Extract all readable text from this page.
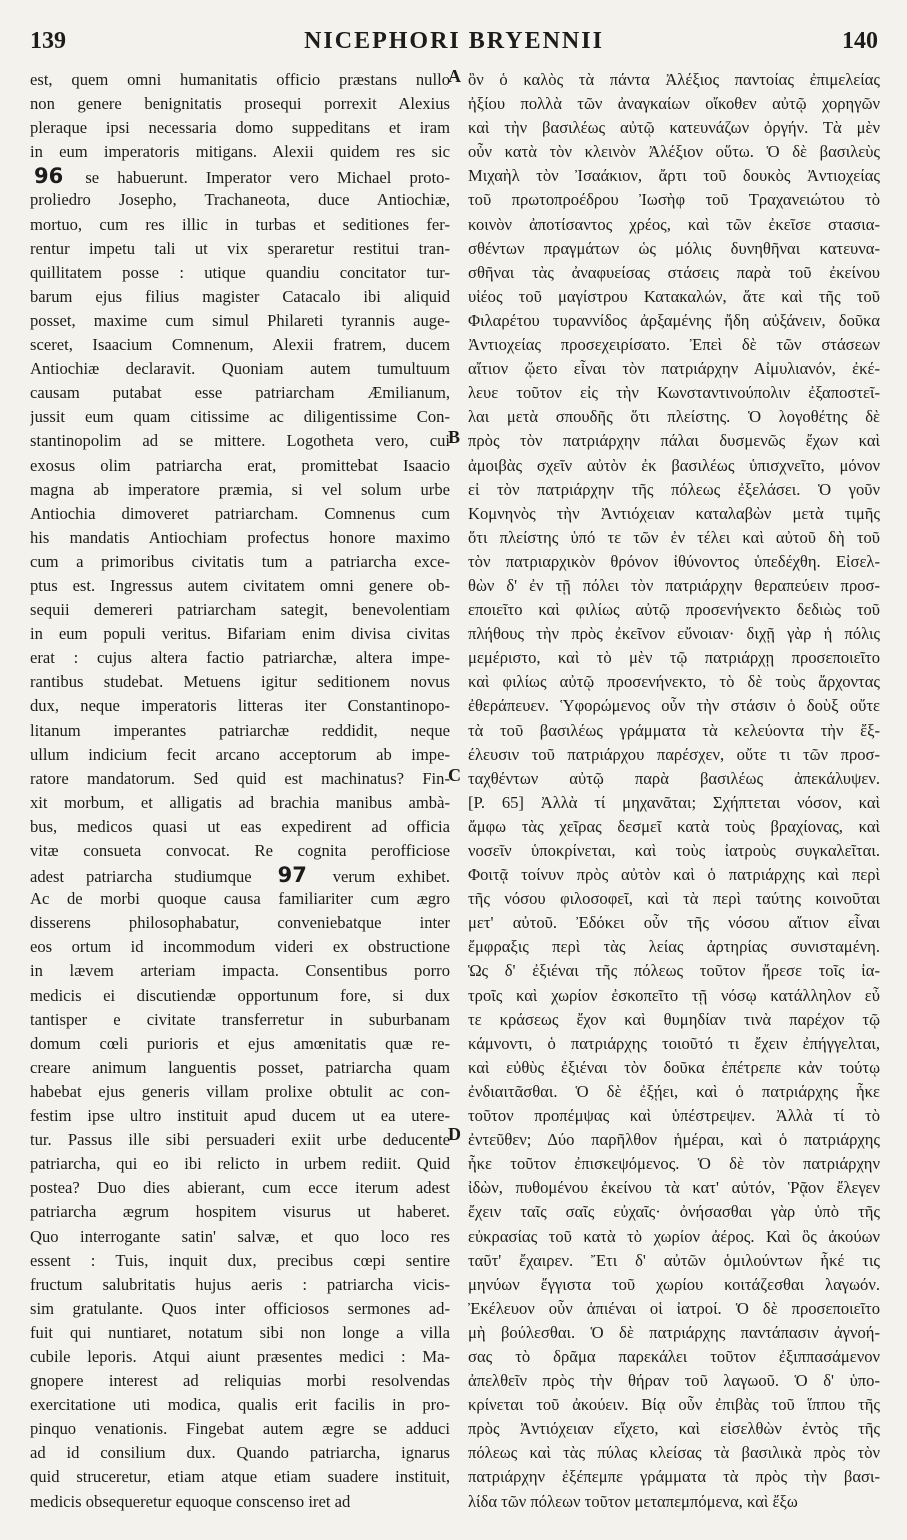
139	NICEPHORI BRYENNII	140
A
B
C
D
est, quem omni humanitatis officio præstans nullo
non genere benignitatis prosequi porrexit Alexius
pleraque ipsi necessaria domo suppeditans et iram
in eum imperatoris mitigans. Alexii quidem res sic
96 se habuerunt. Imperator vero Michael proto-
proliedro Josepho, Trachaneota, duce Antiochiæ,
mortuo, cum res illic in turbas et seditiones fer-
rentur impetu tali ut vix speraretur restitui tran-
quillitatem posse : utique quandiu concitator tur-
barum ejus filius magister Catacalo ibi aliquid
posset, maxime cum simul Philareti tyrannis auge-
sceret, Isaacium Comnenum, Alexii fratrem, ducem
Antiochiæ declaravit. Quoniam autem tumultuum
causam putabat esse patriarcham Æmilianum,
jussit eum quam citissime ac diligentissime Con-
stantinopolim ad se mittere. Logotheta vero, cui
exosus olim patriarcha erat, promittebat Isaacio
magna ab imperatore præmia, si vel solum urbe
Antiochia dimoveret patriarcham. Comnenus cum
his mandatis Antiochiam profectus honore maximo
cum a primoribus civitatis tum a patriarcha exce-
ptus est. Ingressus autem civitatem omni genere ob-
sequii demereri patriarcham sategit, benevolentiam
in eum populi veritus. Bifariam enim divisa civitas
erat : cujus altera factio patriarchæ, altera impe-
rantibus studebat. Metuens igitur seditionem novus
dux, neque imperatoris litteras iter Constantinopo-
litanum imperantes patriarchæ reddidit, neque
ullum indicium fecit arcano acceptorum ab impe-
ratore mandatorum. Sed quid est machinatus? Fin-
xit morbum, et alligatis ad brachia manibus ambà-
bus, medicos quasi ut eas expedirent ad officia
vitæ consueta convocat. Re cognita perofficiose
adest patriarcha studiumque 97 verum exhibet.
Ac de morbi quoque causa familiariter cum ægro
disserens philosophabatur, conveniebatque inter
eos ortum id incommodum videri ex obstructione
in lævem arteriam impacta. Consentibus porro
medicis ei discutiendæ opportunum fore, si dux
tantisper e civitate transferretur in suburbanam
domum cœli purioris et ejus amœnitatis quæ re-
creare animum languentis posset, patriarcha quam
habebat ejus generis villam prolixe obtulit ac con-
festim ipse ultro instituit apud ducem ut ea utere-
tur. Passus ille sibi persuaderi exiit urbe deducente
patriarcha, qui eo ibi relicto in urbem rediit. Quid
postea? Duo dies abierant, cum ecce iterum adest
patriarcha ægrum hospitem visurus ut haberet.
Quo interrogante satin' salvæ, et quo loco res
essent : Tuis, inquit dux, precibus cœpi sentire
fructum salubritatis hujus aeris : patriarcha vicis-
sim gratulante. Quos inter officiosos sermones ad-
fuit qui nuntiaret, notatum sibi non longe a villa
cubile leporis. Atqui aiunt præsentes medici : Ma-
gnopere interest ad reliquias morbi resolvendas
exercitatione uti modica, qualis erit facilis in pro-
pinquo venationis. Fingebat autem ægre se adduci
ad id consilium dux. Quando patriarcha, ignarus
quid struceretur, etiam atque etiam suadere instituit,
medicis obsequeretur equoque conscenso iret ad
ὃν ὁ καλὸς τὰ πάντα Ἀλέξιος παντοίας ἐπιμελείας
ἠξίου πολλὰ τῶν ἀναγκαίων οἴκοθεν αὐτῷ χορηγῶν
καὶ τὴν βασιλέως αὐτῷ κατευνάζων ὀργήν. Τὰ μὲν
οὖν κατὰ τὸν κλεινὸν Ἀλέξιον οὕτω. Ὁ δὲ βασιλεὺς
Μιχαὴλ τὸν Ἰσαάκιον, ἄρτι τοῦ δουκὸς Ἀντιοχείας
τοῦ πρωτοπροέδρου Ἰωσὴφ τοῦ Τραχανειώτου τὸ
κοινὸν ἀποτίσαντος χρέος, καὶ τῶν ἐκεῖσε στασια-
σθέντων πραγμάτων ὡς μόλις δυνηθῆναι κατευνα-
σθῆναι τὰς ἀναφυείσας στάσεις παρὰ τοῦ ἐκείνου
υἱέος τοῦ μαγίστρου Καταкαλών, ἅτε καὶ τῆς τοῦ
Φιλαρέτου τυραννίδος ἀρξαμένης ἤδη αὐξάνειν, δοῦκα
Ἀντιοχείας προσεχειρίσατο. Ἐπεὶ δὲ τῶν στάσεων
αἴτιον ᾤετο εἶναι τὸν πατριάρχην Αἰμυλιανόν, ἐκέ-
λευε τοῦτον εἰς τὴν Κωνσταντινούπολιν ἐξαποστεῖ-
λαι μετὰ σπουδῆς ὅτι πλείστης. Ὁ λογοθέτης δὲ
πρὸς τὸν πατριάρχην πάλαι δυσμενῶς ἔχων καὶ
ἀμοιβὰς σχεῖν αὐτὸν ἐκ βασιλέως ὑπισχνεῖτο, μόνον
εἰ τὸν πατριάρχην τῆς πόλεως ἐξελάσει. Ὁ γοῦν
Κομνηνὸς τὴν Ἀντιόχειαν καταλαβὼν μετὰ τιμῆς
ὅτι πλείστης ὑπό τε τῶν ἐν τέλει καὶ αὐτοῦ δὴ τοῦ
τὸν πατριαρχικὸν θρόνον ἰθύνοντος ὑπεδέχθη. Εἰσελ-
θὼν δ' ἐν τῇ πόλει τὸν πατριάρχην θεραπεύειν προσ-
εποιεῖτο καὶ φιλίως αὐτῷ προσενήνεκτο δεδιὼς τοῦ
πλήθους τὴν πρὸς ἐκεῖνον εὔνοιαν· διχῇ γὰρ ἡ πόλις
μεμέριστο, καὶ τὸ μὲν τῷ πατριάρχῃ προσεποιεῖτο
καὶ φιλίως αὐτῷ προσενήνεκτο, τὸ δὲ τοὺς ἄρχοντας
ἐθεράπευεν. Ὑφορώμενος οὖν τὴν στάσιν ὁ δοὺξ οὔτε
τὰ τοῦ βασιλέως γράμματα τὰ κελεύοντα τὴν ἔξ-
έλευσιν τοῦ πατριάρχου παρέσχεν, οὔτε τι τῶν προσ-
ταχθέντων αὐτῷ παρὰ βασιλέως ἀπεκάλυψεν.
[P. 65] Ἀλλὰ τί μηχανᾶται; Σχήπτεται νόσον, καὶ
ἄμφω τὰς χεῖρας δεσμεῖ κατὰ τοὺς βραχίονας, καὶ
νοσεῖν ὑποκρίνεται, καὶ τοὺς ἰατροὺς συγκαλεῖται.
Φοιτᾷ τοίνυν πρὸς αὐτὸν καὶ ὁ πατριάρχης καὶ περὶ
τῆς νόσου φιλοσοφεῖ, καὶ τὰ περὶ ταύτης κοινοῦται
μετ' αὐτοῦ. Ἐδόκει οὖν τῆς νόσου αἴτιον εἶναι
ἔμφραξις περὶ τὰς λείας ἀρτηρίας συνισταμένη.
Ὡς δ' ἐξιέναι τῆς πόλεως τοῦτον ἤρεσε τοῖς ἰα-
τροῖς καὶ χωρίον ἐσκοπεῖτο τῇ νόσῳ κατάλληλον εὖ
τε κράσεως ἔχον καὶ θυμηδίαν τινὰ παρέχον τῷ
κάμνοντι, ὁ πατριάρχης τοιοῦτό τι ἔχειν ἐπήγγελται,
καὶ εὐθὺς ἐξιέναι τὸν δοῦκα ἐπέτρεπε κἀν τούτῳ
ἐνδιαιτᾶσθαι. Ὁ δὲ ἐξῄει, καὶ ὁ πατριάρχης ἧκε
τοῦτον προπέμψας καὶ ὑπέστρεψεν. Ἀλλὰ τί τὸ
ἐντεῦθεν; Δύο παρῆλθον ἡμέραι, καὶ ὁ πατριάρχης
ἧκε τοῦτον ἐπισκεψόμενος. Ὁ δὲ τὸν πατριάρχην
ἰδὼν, πυθομένου ἐκείνου τὰ κατ' αὐτόν, Ῥᾷον ἔλεγεν
ἔχειν ταῖς σαῖς εὐχαῖς· ὀνήσασθαι γὰρ ὑπὸ τῆς
εὐκρασίας τοῦ κατὰ τὸ χωρίον ἀέρος. Καὶ ὃς ἀκούων
ταῦτ' ἔχαιρεν. Ἔτι δ' αὐτῶν ὁμιλούντων ἧκέ τις
μηνύων ἔγγιστα τοῦ χωρίου κοιτάζεσθαι λαγωόν.
Ἐκέλευον οὖν ἀπιέναι οἱ ἰατροί. Ὁ δὲ προσεποιεῖτο
μὴ βούλεσθαι. Ὁ δὲ πατριάρχης παντάπασιν ἀγνοή-
σας τὸ δρᾶμα παρεκάλει τοῦτον ἐξιππασάμενον
ἀπελθεῖν πρὸς τὴν θήραν τοῦ λαγωοῦ. Ὁ δ' ὑπο-
κρίνεται τοῦ ἀκούειν. Βίᾳ οὖν ἐπιβὰς τοῦ ἵππου τῆς
πρὸς Ἀντιόχειαν εἴχετο, καὶ εἰσελθὼν ἐντὸς τῆς
πόλεως καὶ τὰς πύλας κλείσας τὰ βασιλικὰ πρὸς τὸν
πατριάρχην ἐξέπεμπε γράμματα τὰ πρὸς τὴν βασι-
λίδα τῶν πόλεων τοῦτον μεταπεμπόμενα, καὶ ἔξω
